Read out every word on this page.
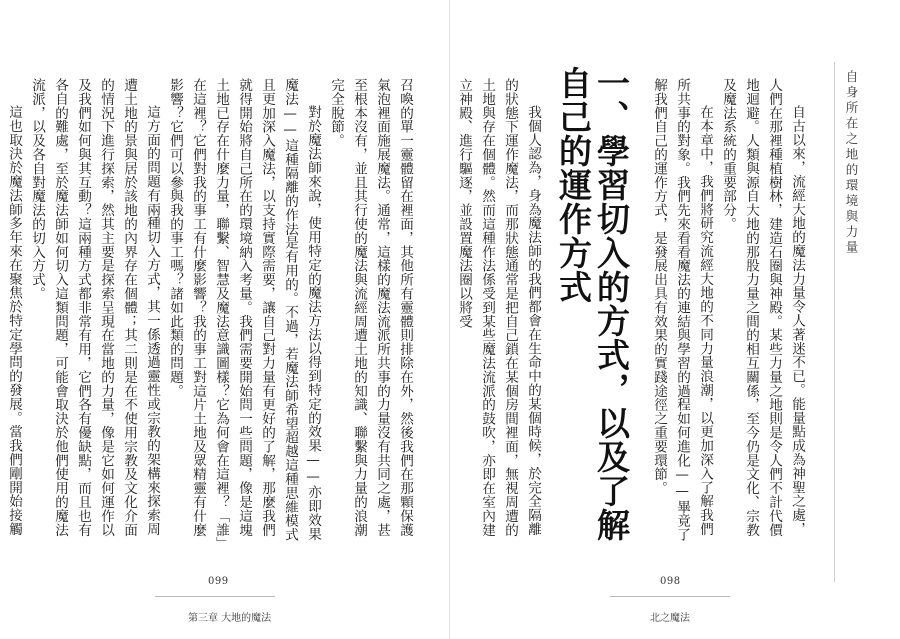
召喚的單一靈體留在裡面，其他所有靈體則排除在外，然後我們在那顆保護氣泡裡面施展魔法。通常，這樣的魔法流派所共事的力量沒有共同之處，甚至根本沒有，並且其行使的魔法與流經周遭土地的知識、聯繫與力量的浪潮完全脫節。
對於魔法師來說，使用特定的魔法方法以得到特定的效果——亦即效果魔法——這種隔離的作法是有用的。不過，若魔法師希望超越這種思維模式且更加深入魔法，以支持實際需要，讓自己對力量有更好的了解，那麼我們就得開始將自己所在的環境納入考量。我們需要開始問一些問題，像是這塊土地已存在什麼力量，聯繫、智慧及魔法意識圖樣？它為何會在這裡？「誰」在這裡？它們對我的事工有什麼影響？我的事工對這片土地及眾精靈有什麼影響？它們可以參與我的事工嗎？諸如此類的問題。
這方面的問題有兩種切入方式，其一係透過靈性或宗教的架構來探索周遭土地的景與居於該地的內界存在個體；其二則是在不使用宗教及文化介面的情況下進行探索，然其主要是探索呈現在當地的力量，像是它如何運作以及我們如何與其互動？這兩種方式都非常有用，它們各有優缺點，而且也有各自的難處，至於魔法師如何切入這類問題，可能會取決於他們使用的魔法流派，以及各自對魔法的切入方式。
這也取決於魔法師多年來在聚焦於特定學問的發展。當我們剛開始接觸
099
第三章 大地的魔法
自身所在之地的環境與力量
自古以來，流經大地的魔法力量令人著迷不已。能量點成為神聖之處，人們在那裡種植樹林，建造石圈與神殿。某些力量之地則是令人們不計代價地迴避。人類與源自大地的那股力量之間的相互關係，至今仍是文化、宗教及魔法系統的重要部分。
在本章中，我們將研究流經大地的不同力量浪潮，以更加深入了解我們所共事的對象。我們先來看看魔法的連結與學習的過程如何進化——畢竟了解我們自己的運作方式，是發展出具有效果的實踐途徑之重要環節。
一、學習切入的方式，以及了解自己的運作方式
我個人認為，身為魔法師的我們都會在生命中的某個時候，於完全隔離的狀態下運作魔法，而那狀態通常是把自己鎖在某個房間裡面，無視周遭的土地與存在個體。然而這種作法係受到某些魔法流派的鼓吹，亦即在室內建立神殿、進行驅逐，並設置魔法圈以將受
098
北之魔法
